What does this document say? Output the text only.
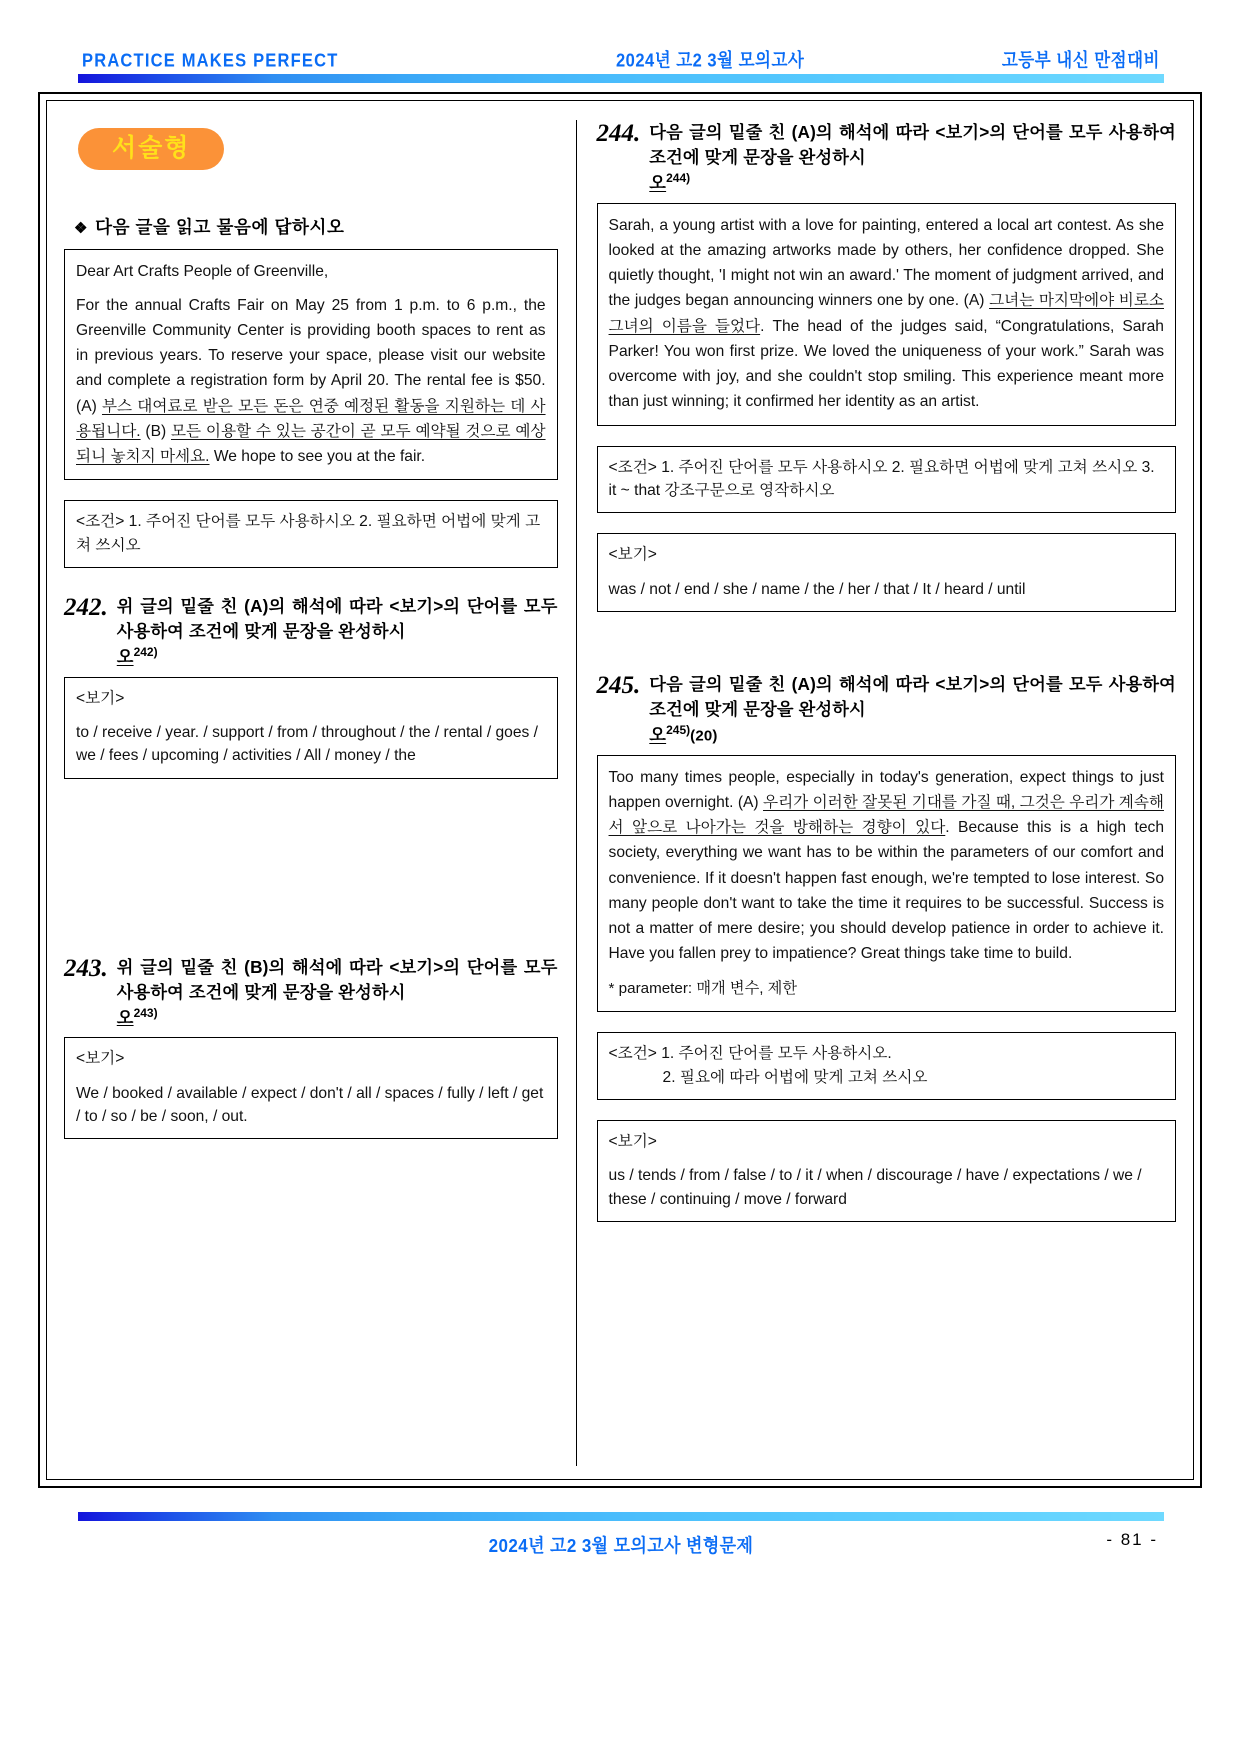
PRACTICE MAKES PERFECT	2024년 고2 3월 모의고사	고등부 내신 만점대비
서술형
❖ 다음 글을 읽고 물음에 답하시오

Dear Art Crafts People of Greenville,

For the annual Crafts Fair on May 25 from 1 p.m. to 6 p.m., the Greenville Community Center is providing booth spaces to rent as in previous years. To reserve your space, please visit our website and complete a registration form by April 20. The rental fee is $50. (A) 부스 대여료로 받은 모든 돈은 연중 예정된 활동을 지원하는 데 사용됩니다. (B) 모든 이용할 수 있는 공간이 곧 모두 예약될 것으로 예상되니 놓치지 마세요. We hope to see you at the fair.

<조건> 1. 주어진 단어를 모두 사용하시오 2. 필요하면 어법에 맞게 고쳐 쓰시오
242. 위 글의 밑줄 친 (A)의 해석에 따라 <보기>의 단어를 모두 사용하여 조건에 맞게 문장을 완성하시
오$^{242)}$
<보기>
to / receive / year. / support / from / throughout / the / rental / goes / we / fees / upcoming / activities / All / money / the
243. 위 글의 밑줄 친 (B)의 해석에 따라 <보기>의 단어를 모두 사용하여 조건에 맞게 문장을 완성하시
오$^{243)}$
<보기>
We / booked / available / expect / don't / all / spaces / fully / left / get / to / so / be / soon, / out.
244. 다음 글의 밑줄 친 (A)의 해석에 따라 <보기>의 단어를 모두 사용하여 조건에 맞게 문장을 완성하시
오$^{244)}$

Sarah, a young artist with a love for painting, entered a local art contest. As she looked at the amazing artworks made by others, her confidence dropped. She quietly thought, 'I might not win an award.' The moment of judgment arrived, and the judges began announcing winners one by one. (A) 그녀는 마지막에야 비로소 그녀의 이름을 들었다. The head of the judges said, “Congratulations, Sarah Parker! You won first prize. We loved the uniqueness of your work.” Sarah was overcome with joy, and she couldn't stop smiling. This experience meant more than just winning; it confirmed her identity as an artist.

<조건> 1. 주어진 단어를 모두 사용하시오 2. 필요하면 어법에 맞게 고쳐 쓰시오 3. it ~ that 강조구문으로 영작하시오
<보기>
was / not / end / she / name / the / her / that / It / heard / until
245. 다음 글의 밑줄 친 (A)의 해석에 따라 <보기>의 단어를 모두 사용하여 조건에 맞게 문장을 완성하시
오$^{245)}$(20)

Too many times people, especially in today's generation, expect things to just happen overnight. (A) 우리가 이러한 잘못된 기대를 가질 때, 그것은 우리가 계속해서 앞으로 나아가는 것을 방해하는 경향이 있다. Because this is a high tech society, everything we want has to be within the parameters of our comfort and convenience. If it doesn't happen fast enough, we're tempted to lose interest. So many people don't want to take the time it requires to be successful. Success is not a matter of mere desire; you should develop patience in order to achieve it. Have you fallen prey to impatience? Great things take time to build.

* parameter: 매개 변수, 제한

<조건> 1. 주어진 단어를 모두 사용하시오.
2. 필요에 따라 어법에 맞게 고쳐 쓰시오
<보기>
us / tends / from / false / to / it / when / discourage / have / expectations / we / these / continuing / move / forward
2024년 고2 3월 모의고사 변형문제	- 81 -
